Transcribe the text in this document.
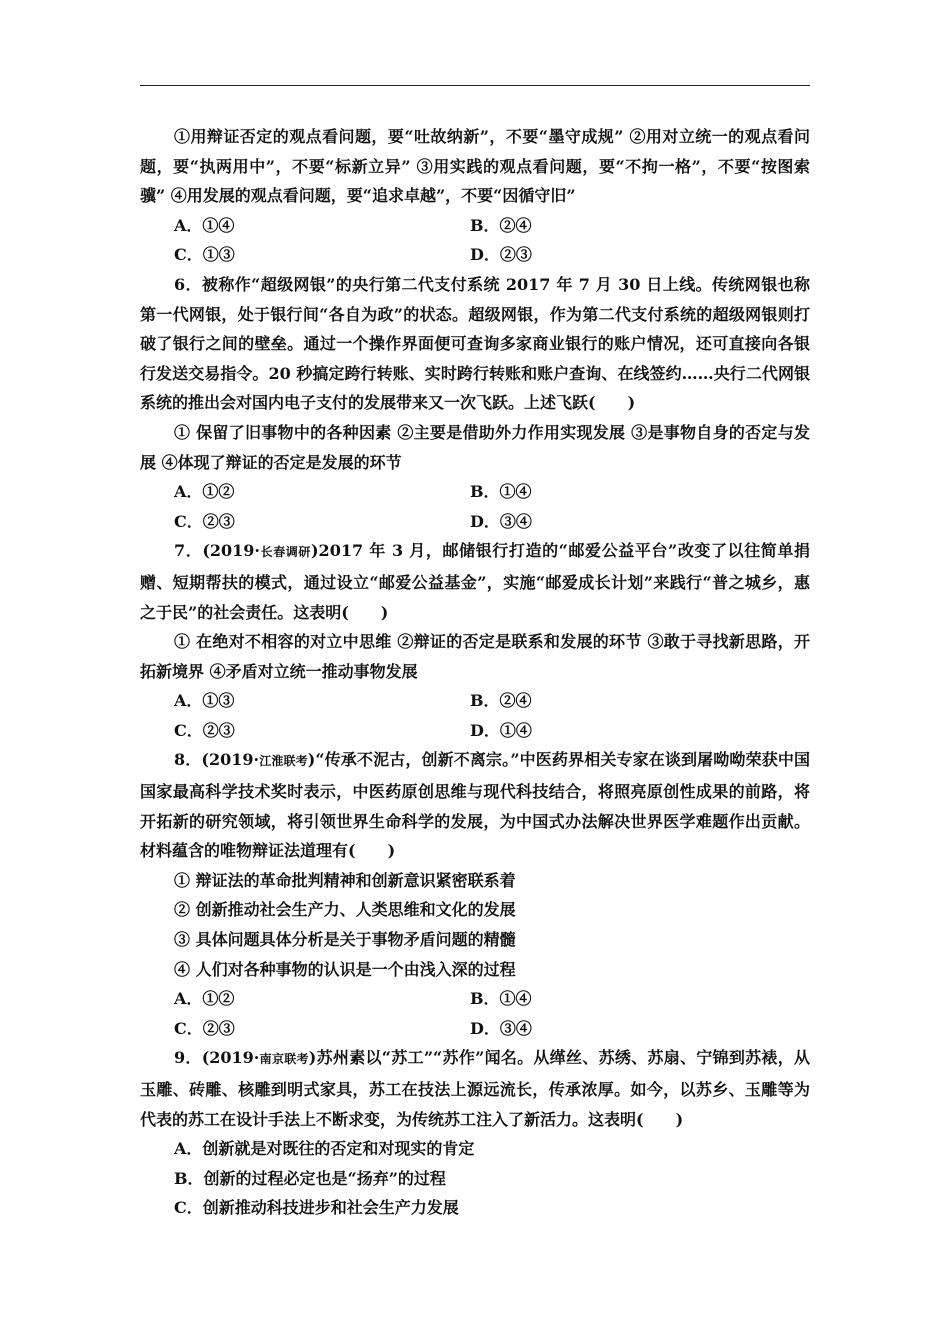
①用辩证否定的观点看问题，要“吐故纳新”，不要“墨守成规” ②用对立统一的观点看问题，要“执两用中”，不要“标新立异” ③用实践的观点看问题，要“不拘一格”，不要“按图索骥” ④用发展的观点看问题，要“追求卓越”，不要“因循守旧”
A．①④	B．②④
C．①③	D．②③
6．被称作“超级网银”的央行第二代支付系统 2017 年 7 月 30 日上线。传统网银也称第一代网银，处于银行间“各自为政”的状态。超级网银，作为第二代支付系统的超级网银则打破了银行之间的壁垒。通过一个操作界面便可查询多家商业银行的账户情况，还可直接向各银行发送交易指令。20 秒搞定跨行转账、实时跨行转账和账户查询、在线签约……央行二代网银系统的推出会对国内电子支付的发展带来又一次飞跃。上述飞跃(　　)
① 保留了旧事物中的各种因素 ②主要是借助外力作用实现发展 ③是事物自身的否定与发展 ④体现了辩证的否定是发展的环节
A．①②	B．①④
C．②③	D．③④
7．(2019·长春调研)2017 年 3 月，邮储银行打造的“邮爱公益平台”改变了以往简单捐赠、短期帮扶的模式，通过设立“邮爱公益基金”，实施“邮爱成长计划”来践行“普之城乡，惠之于民”的社会责任。这表明(　　)
① 在绝对不相容的对立中思维 ②辩证的否定是联系和发展的环节 ③敢于寻找新思路，开拓新境界 ④矛盾对立统一推动事物发展
A．①③	B．②④
C．②③	D．①④
8．(2019·江淮联考)“传承不泥古，创新不离宗。”中医药界相关专家在谈到屠呦呦荣获中国国家最高科学技术奖时表示，中医药原创思维与现代科技结合，将照亮原创性成果的前路，将开拓新的研究领域，将引领世界生命科学的发展，为中国式办法解决世界医学难题作出贡献。材料蕴含的唯物辩证法道理有(　　)
① 辩证法的革命批判精神和创新意识紧密联系着
② 创新推动社会生产力、人类思维和文化的发展
③ 具体问题具体分析是关于事物矛盾问题的精髓
④ 人们对各种事物的认识是一个由浅入深的过程
A．①②	B．①④
C．②③	D．③④
9．(2019·南京联考)苏州素以“苏工”“苏作”闻名。从缂丝、苏绣、苏扇、宁锦到苏裱，从玉雕、砖雕、核雕到明式家具，苏工在技法上源远流长，传承浓厚。如今，以苏乡、玉雕等为代表的苏工在设计手法上不断求变，为传统苏工注入了新活力。这表明(　　)
A．创新就是对既往的否定和对现实的肯定
B．创新的过程必定也是“扬弃”的过程
C．创新推动科技进步和社会生产力发展
